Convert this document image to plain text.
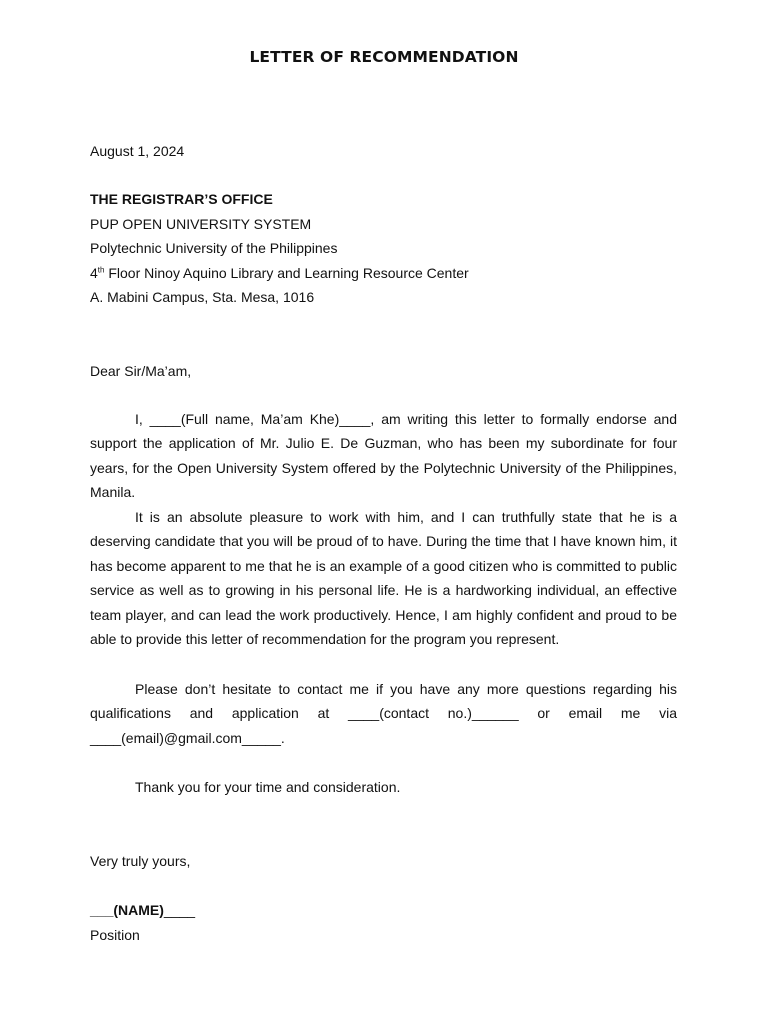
LETTER OF RECOMMENDATION
August 1, 2024
THE REGISTRAR’S OFFICE
PUP OPEN UNIVERSITY SYSTEM
Polytechnic University of the Philippines
4th Floor Ninoy Aquino Library and Learning Resource Center
A. Mabini Campus, Sta. Mesa, 1016
Dear Sir/Ma’am,
I, ____(Full name, Ma’am Khe)____, am writing this letter to formally endorse and support the application of Mr. Julio E. De Guzman, who has been my subordinate for four years, for the Open University System offered by the Polytechnic University of the Philippines, Manila.
It is an absolute pleasure to work with him, and I can truthfully state that he is a deserving candidate that you will be proud of to have. During the time that I have known him, it has become apparent to me that he is an example of a good citizen who is committed to public service as well as to growing in his personal life. He is a hardworking individual, an effective team player, and can lead the work productively. Hence, I am highly confident and proud to be able to provide this letter of recommendation for the program you represent.
Please don’t hesitate to contact me if you have any more questions regarding his qualifications and application at ____(contact no.)______ or email me via ____(email)@gmail.com_____.
Thank you for your time and consideration.
Very truly yours,
___(NAME)____
Position
